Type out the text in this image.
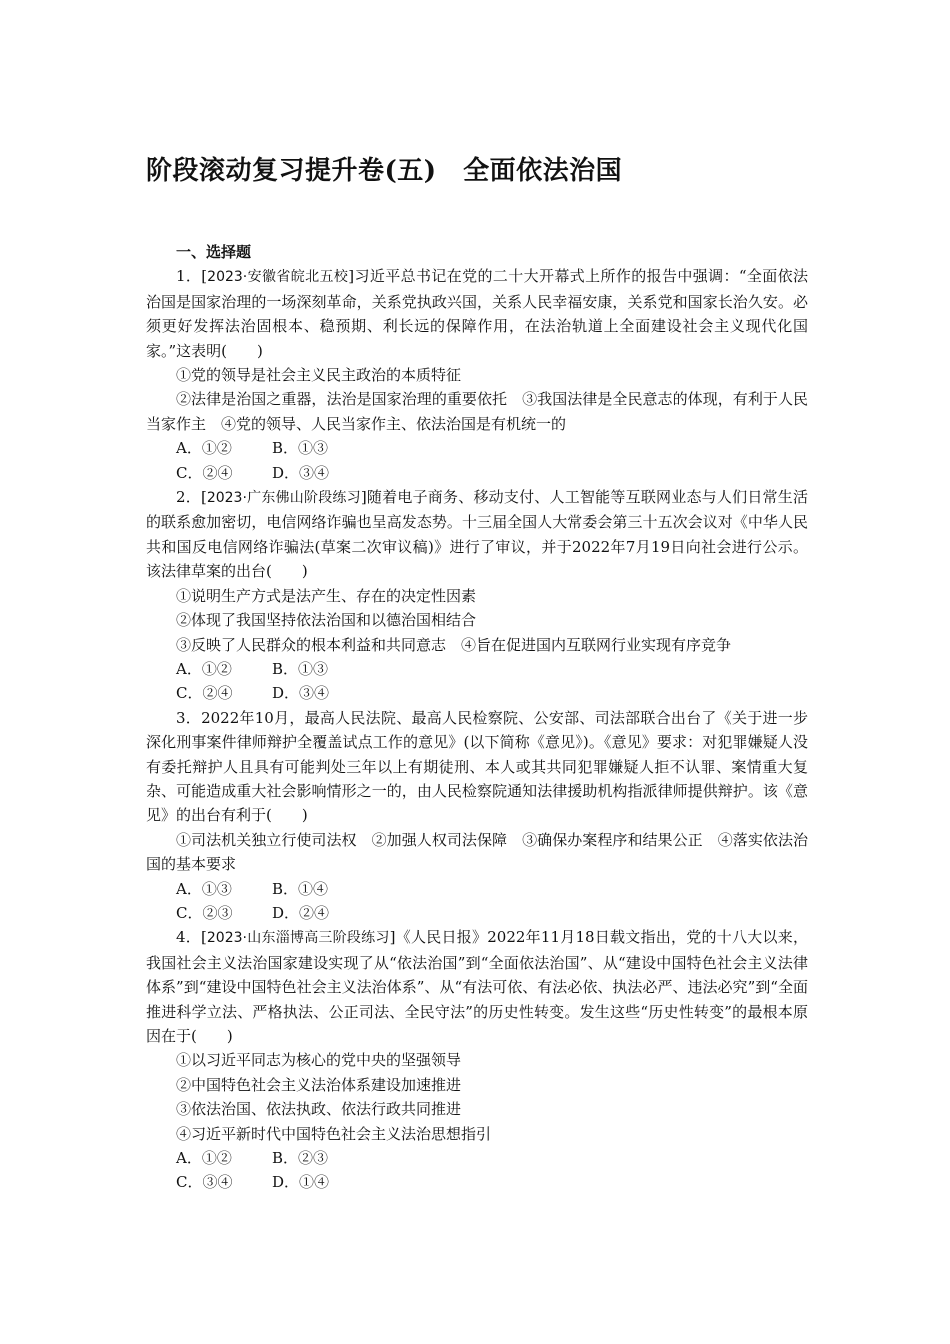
阶段滚动复习提升卷(五)　全面依法治国

一、选择题

1．[2023·安徽省皖北五校]习近平总书记在党的二十大开幕式上所作的报告中强调：“全面依法治国是国家治理的一场深刻革命，关系党执政兴国，关系人民幸福安康，关系党和国家长治久安。必须更好发挥法治固根本、稳预期、利长远的保障作用，在法治轨道上全面建设社会主义现代化国家。”这表明(　　)

①党的领导是社会主义民主政治的本质特征

②法律是治国之重器，法治是国家治理的重要依托　③我国法律是全民意志的体现，有利于人民当家作主　④党的领导、人民当家作主、依法治国是有机统一的

A．①②	B．①③

C．②④	D．③④

2．[2023·广东佛山阶段练习]随着电子商务、移动支付、人工智能等互联网业态与人们日常生活的联系愈加密切，电信网络诈骗也呈高发态势。十三届全国人大常委会第三十五次会议对《中华人民共和国反电信网络诈骗法(草案二次审议稿)》进行了审议，并于2022年7月19日向社会进行公示。该法律草案的出台(　　)

①说明生产方式是法产生、存在的决定性因素

②体现了我国坚持依法治国和以德治国相结合

③反映了人民群众的根本利益和共同意志　④旨在促进国内互联网行业实现有序竞争

A．①②	B．①③

C．②④	D．③④

3．2022年10月，最高人民法院、最高人民检察院、公安部、司法部联合出台了《关于进一步深化刑事案件律师辩护全覆盖试点工作的意见》(以下简称《意见》)。《意见》要求：对犯罪嫌疑人没有委托辩护人且具有可能判处三年以上有期徒刑、本人或其共同犯罪嫌疑人拒不认罪、案情重大复杂、可能造成重大社会影响情形之一的，由人民检察院通知法律援助机构指派律师提供辩护。该《意见》的出台有利于(　　)

①司法机关独立行使司法权　②加强人权司法保障　③确保办案程序和结果公正　④落实依法治国的基本要求

A．①③	B．①④

C．②③	D．②④

4．[2023·山东淄博高三阶段练习]《人民日报》2022年11月18日载文指出，党的十八大以来，我国社会主义法治国家建设实现了从“依法治国”到“全面依法治国”、从“建设中国特色社会主义法律体系”到“建设中国特色社会主义法治体系”、从“有法可依、有法必依、执法必严、违法必究”到“全面推进科学立法、严格执法、公正司法、全民守法”的历史性转变。发生这些“历史性转变”的最根本原因在于(　　)

①以习近平同志为核心的党中央的坚强领导

②中国特色社会主义法治体系建设加速推进

③依法治国、依法执政、依法行政共同推进

④习近平新时代中国特色社会主义法治思想指引

A．①②	B．②③

C．③④	D．①④
